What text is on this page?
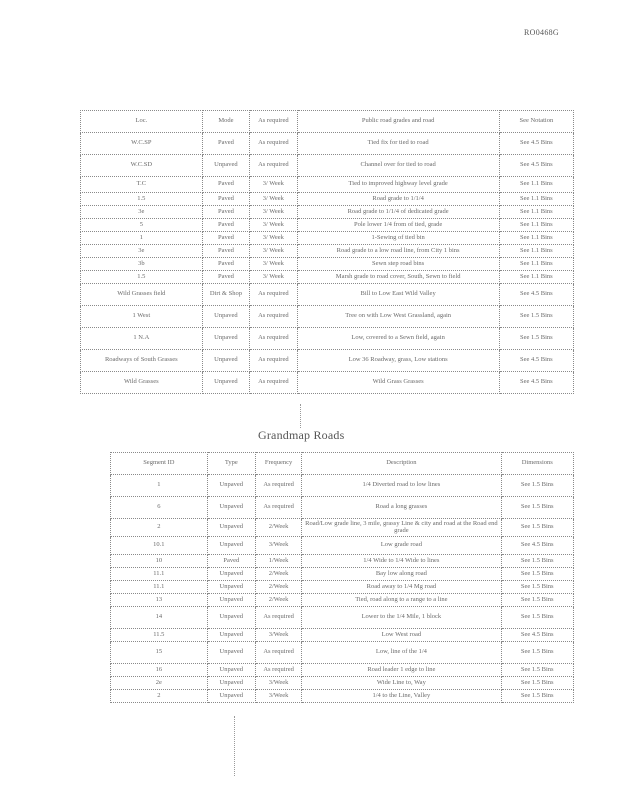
RO0468G
Loc.	Mode	As required	Public road grades and road	See Notation
W.C.SP	Paved	As required	Tied fix for tied to road	See 4.5 Bins
W.C.SD	Unpaved	As required	Channel over for tied to road	See 4.5 Bins
T.C	Paved	3/ Week	Tied to improved highway level grade	See 1.1 Bins
1.5	Paved	3/ Week	Road grade to 1/1/4	See 1.1 Bins
3e	Paved	3/ Week	Road grade to 1/1/4 of dedicated grade	See 1.1 Bins
5	Paved	3/ Week	Pole lower 1/4 from of tied, grade	See 1.1 Bins
1	Paved	3/ Week	1-Sewing of tied bin	See 1.1 Bins
3e	Paved	3/ Week	Road grade to a low road line, from City 1 bins	See 1.1 Bins
3b	Paved	3/ Week	Sewn step road bins	See 1.1 Bins
1.5	Paved	3/ Week	Marsh grade to road cover, South, Sewn to field	See 1.1 Bins
Wild Grasses field	Dirt & Shop	As required	Bill to Low East Wild Valley	See 4.5 Bins
1 West	Unpaved	As required	Tree on with Low West Grassland, again	See 1.5 Bins
1 N.A	Unpaved	As required	Low, covered to a Sewn field, again	See 1.5 Bins
Roadways of South Grasses	Unpaved	As required	Low 36 Roadway, grass, Low stations	See 4.5 Bins
Wild Grasses	Unpaved	As required	Wild Grass Grasses	See 4.5 Bins
Grandmap Roads
Segment ID	Type	Frequency	Description	Dimensions
1	Unpaved	As required	1/4 Diverted road to low lines	See 1.5 Bins
6	Unpaved	As required	Road a long grasses	See 1.5 Bins
2	Unpaved	2/Week	Road/Low grade line, 3 mile, grassy Line & city and road at the Road end grade	See 1.5 Bins
10.1	Unpaved	3/Week	Low grade road	See 4.5 Bins
10	Paved	1/Week	1/4 Wide to 1/4 Wide to lines	See 1.5 Bins
11.1	Unpaved	2/Week	Bay low along road	See 1.5 Bins
11.1	Unpaved	2/Week	Road away to 1/4 Mg road	See 1.5 Bins
13	Unpaved	2/Week	Tied, road along to a range to a line	See 1.5 Bins
14	Unpaved	As required	Lower to the 1/4 Mile, 1 block	See 1.5 Bins
11.5	Unpaved	3/Week	Low West road	See 4.5 Bins
15	Unpaved	As required	Low, line of the 1/4	See 1.5 Bins
16	Unpaved	As required	Road leader 1 edge to line	See 1.5 Bins
2e	Unpaved	3/Week	Wide Line to, Way	See 1.5 Bins
2	Unpaved	3/Week	1/4 to the Line, Valley	See 1.5 Bins
